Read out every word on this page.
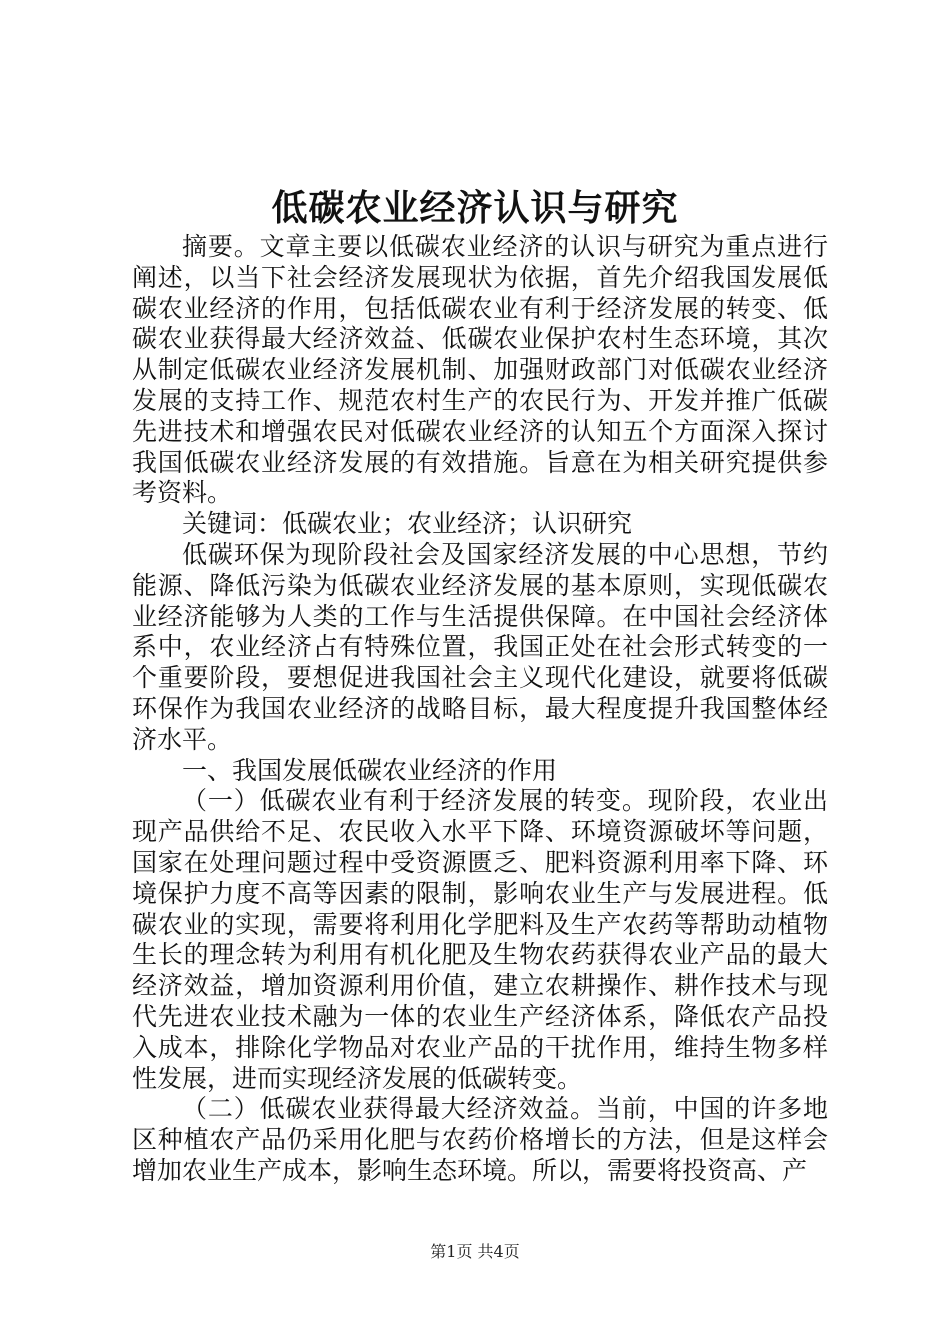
低碳农业经济认识与研究

摘要。文章主要以低碳农业经济的认识与研究为重点进行阐述，以当下社会经济发展现状为依据，首先介绍我国发展低碳农业经济的作用，包括低碳农业有利于经济发展的转变、低碳农业获得最大经济效益、低碳农业保护农村生态环境，其次从制定低碳农业经济发展机制、加强财政部门对低碳农业经济发展的支持工作、规范农村生产的农民行为、开发并推广低碳先进技术和增强农民对低碳农业经济的认知五个方面深入探讨我国低碳农业经济发展的有效措施。旨意在为相关研究提供参考资料。

关键词：低碳农业；农业经济；认识研究

低碳环保为现阶段社会及国家经济发展的中心思想，节约能源、降低污染为低碳农业经济发展的基本原则，实现低碳农业经济能够为人类的工作与生活提供保障。在中国社会经济体系中，农业经济占有特殊位置，我国正处在社会形式转变的一个重要阶段，要想促进我国社会主义现代化建设，就要将低碳环保作为我国农业经济的战略目标，最大程度提升我国整体经济水平。

一、我国发展低碳农业经济的作用

（一）低碳农业有利于经济发展的转变。现阶段，农业出现产品供给不足、农民收入水平下降、环境资源破坏等问题，国家在处理问题过程中受资源匮乏、肥料资源利用率下降、环境保护力度不高等因素的限制，影响农业生产与发展进程。低碳农业的实现，需要将利用化学肥料及生产农药等帮助动植物生长的理念转为利用有机化肥及生物农药获得农业产品的最大经济效益，增加资源利用价值，建立农耕操作、耕作技术与现代先进农业技术融为一体的农业生产经济体系，降低农产品投入成本，排除化学物品对农业产品的干扰作用，维持生物多样性发展，进而实现经济发展的低碳转变。

（二）低碳农业获得最大经济效益。当前，中国的许多地区种植农产品仍采用化肥与农药价格增长的方法，但是这样会增加农业生产成本，影响生态环境。所以，需要将投资高、产

第1页 共4页
